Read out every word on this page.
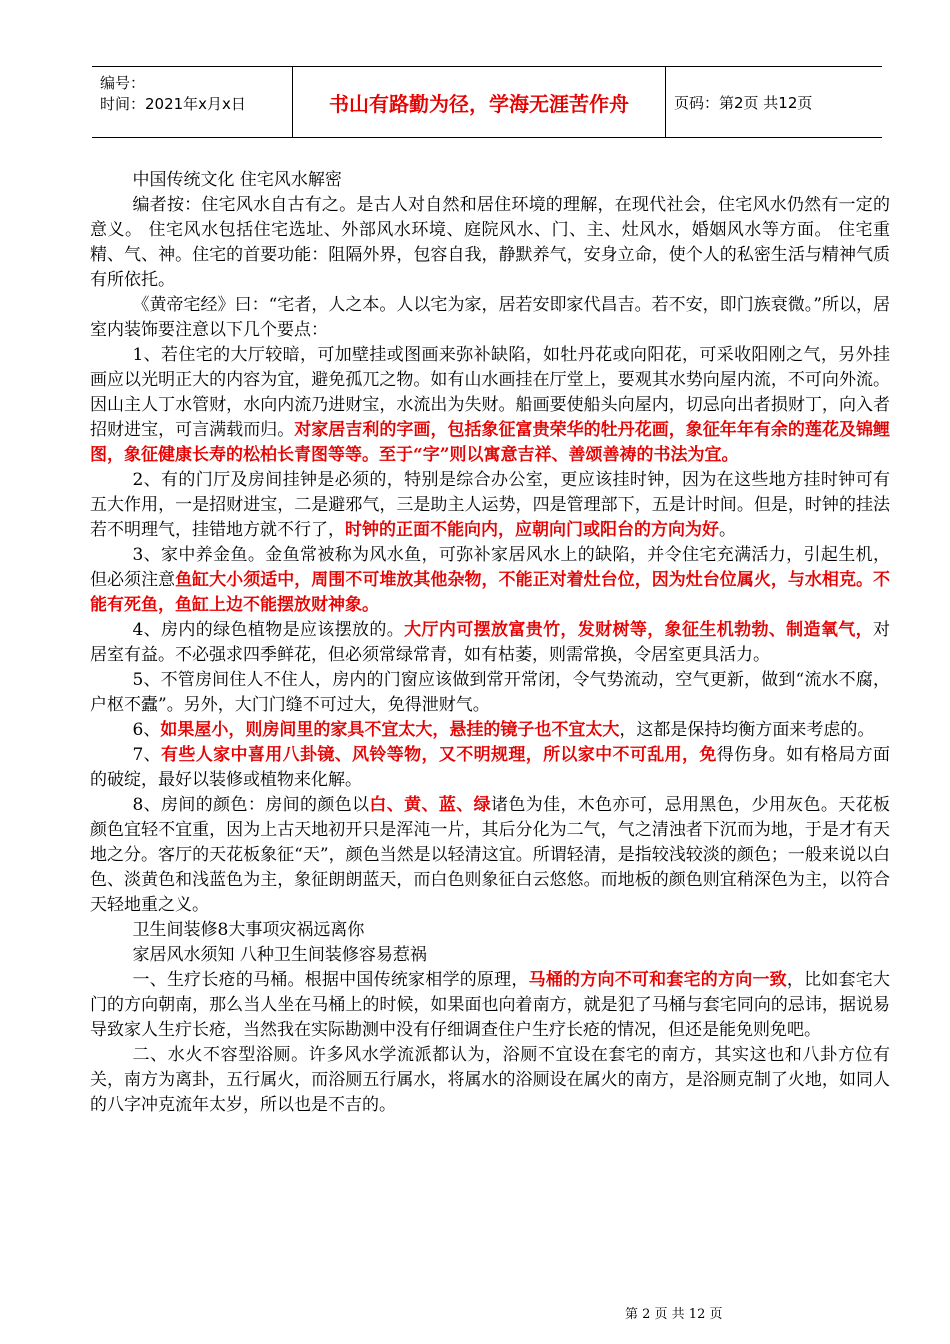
编号：
时间：2021年x月x日	书山有路勤为径，学海无涯苦作舟	页码：第2页 共12页

中国传统文化 住宅风水解密

编者按：住宅风水自古有之。是古人对自然和居住环境的理解，在现代社会，住宅风水仍然有一定的意义。 住宅风水包括住宅选址、外部风水环境、庭院风水、门、主、灶风水，婚姻风水等方面。 住宅重精、气、神。住宅的首要功能：阻隔外界，包容自我，静默养气，安身立命，使个人的私密生活与精神气质有所依托。

《黄帝宅经》曰：“宅者，人之本。人以宅为家，居若安即家代昌吉。若不安，即门族衰微。”所以，居室内装饰要注意以下几个要点：

1、若住宅的大厅较暗，可加壁挂或图画来弥补缺陷，如牡丹花或向阳花，可采收阳刚之气，另外挂画应以光明正大的内容为宜，避免孤兀之物。如有山水画挂在厅堂上，要观其水势向屋内流，不可向外流。因山主人丁水管财，水向内流乃进财宝，水流出为失财。船画要使船头向屋内，切忌向出者损财丁，向入者招财进宝，可言满载而归。对家居吉利的字画，包括象征富贵荣华的牡丹花画，象征年年有余的莲花及锦鲤图，象征健康长寿的松柏长青图等等。至于“字”则以寓意吉祥、善颂善祷的书法为宜。

2、有的门厅及房间挂钟是必须的，特别是综合办公室，更应该挂时钟，因为在这些地方挂时钟可有五大作用，一是招财进宝，二是避邪气，三是助主人运势，四是管理部下，五是计时间。但是，时钟的挂法若不明理气，挂错地方就不行了，时钟的正面不能向内，应朝向门或阳台的方向为好。

3、家中养金鱼。金鱼常被称为风水鱼，可弥补家居风水上的缺陷，并令住宅充满活力，引起生机，但必须注意鱼缸大小须适中，周围不可堆放其他杂物，不能正对着灶台位，因为灶台位属火，与水相克。不能有死鱼，鱼缸上边不能摆放财神象。

4、房内的绿色植物是应该摆放的。大厅内可摆放富贵竹，发财树等，象征生机勃勃、制造氧气，对居室有益。不必强求四季鲜花，但必须常绿常青，如有枯萎，则需常换，令居室更具活力。

5、不管房间住人不住人，房内的门窗应该做到常开常闭，令气势流动，空气更新，做到“流水不腐，户枢不蠹”。另外，大门门缝不可过大，免得泄财气。

6、如果屋小，则房间里的家具不宜太大，悬挂的镜子也不宜太大，这都是保持均衡方面来考虑的。

7、有些人家中喜用八卦镜、风铃等物，又不明规理，所以家中不可乱用，免得伤身。如有格局方面的破绽，最好以装修或植物来化解。

8、房间的颜色：房间的颜色以白、黄、蓝、绿诸色为佳，木色亦可，忌用黑色，少用灰色。天花板颜色宜轻不宜重，因为上古天地初开只是浑沌一片，其后分化为二气，气之清浊者下沉而为地，于是才有天地之分。客厅的天花板象征“天”，颜色当然是以轻清这宜。所谓轻清，是指较浅较淡的颜色；一般来说以白色、淡黄色和浅蓝色为主，象征朗朗蓝天，而白色则象征白云悠悠。而地板的颜色则宜稍深色为主，以符合天轻地重之义。

卫生间装修8大事项灾祸远离你

家居风水须知 八种卫生间装修容易惹祸

一、生疗长疮的马桶。根据中国传统家相学的原理，马桶的方向不可和套宅的方向一致，比如套宅大门的方向朝南，那么当人坐在马桶上的时候，如果面也向着南方，就是犯了马桶与套宅同向的忌讳，据说易导致家人生疔长疮，当然我在实际勘测中没有仔细调查住户生疗长疮的情况，但还是能免则免吧。

二、水火不容型浴厕。许多风水学流派都认为，浴厕不宜设在套宅的南方，其实这也和八卦方位有关，南方为离卦，五行属火，而浴厕五行属水，将属水的浴厕设在属火的南方，是浴厕克制了火地，如同人的八字冲克流年太岁，所以也是不吉的。

第 2 页 共 12 页
